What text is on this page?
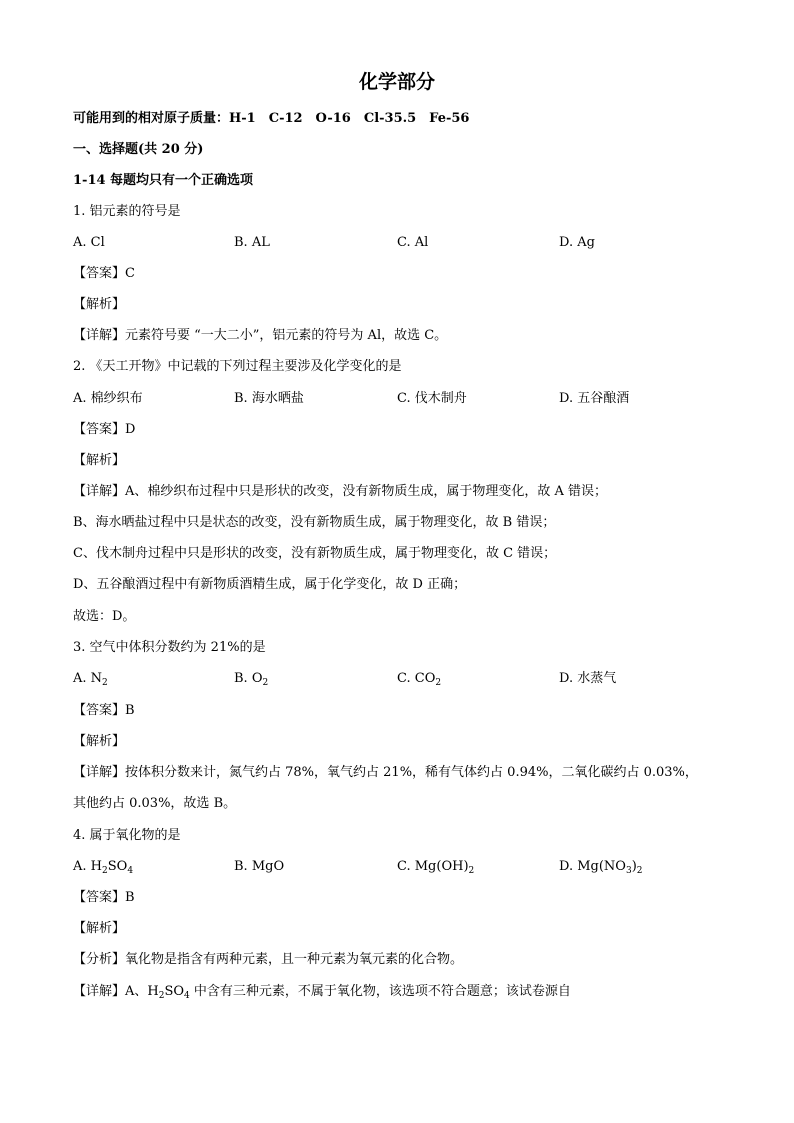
化学部分
可能用到的相对原子质量：H-1　C-12　O-16　Cl-35.5　Fe-56
一、选择题(共 20 分)
1-14 每题均只有一个正确选项
1. 铝元素的符号是
A. Cl	B. AL	C. Al	D. Ag
【答案】C
【解析】
【详解】元素符号要 “一大二小”，铝元素的符号为 Al，故选 C。
2. 《天工开物》中记载的下列过程主要涉及化学变化的是
A. 棉纱织布	B. 海水晒盐	C. 伐木制舟	D. 五谷酿酒
【答案】D
【解析】
【详解】A、棉纱织布过程中只是形状的改变，没有新物质生成，属于物理变化，故 A 错误；
B、海水晒盐过程中只是状态的改变，没有新物质生成，属于物理变化，故 B 错误；
C、伐木制舟过程中只是形状的改变，没有新物质生成，属于物理变化，故 C 错误；
D、五谷酿酒过程中有新物质酒精生成，属于化学变化，故 D 正确；
故选：D。
3. 空气中体积分数约为 21%的是
A. $N_2$	B. $O_2$	C. $CO_2$	D. 水蒸气
【答案】B
【解析】
【详解】按体积分数来计，氮气约占 78%，氧气约占 21%，稀有气体约占 0.94%，二氧化碳约占 0.03%，
其他约占 0.03%，故选 B。
4. 属于氧化物的是
A. $H_2SO_4$	B. MgO	C. $Mg(OH)_2$	D. $Mg(NO_3)_2$
【答案】B
【解析】
【分析】氧化物是指含有两种元素，且一种元素为氧元素的化合物。
【详解】A、$H_2SO_4$ 中含有三种元素，不属于氧化物，该选项不符合题意；该试卷源自
